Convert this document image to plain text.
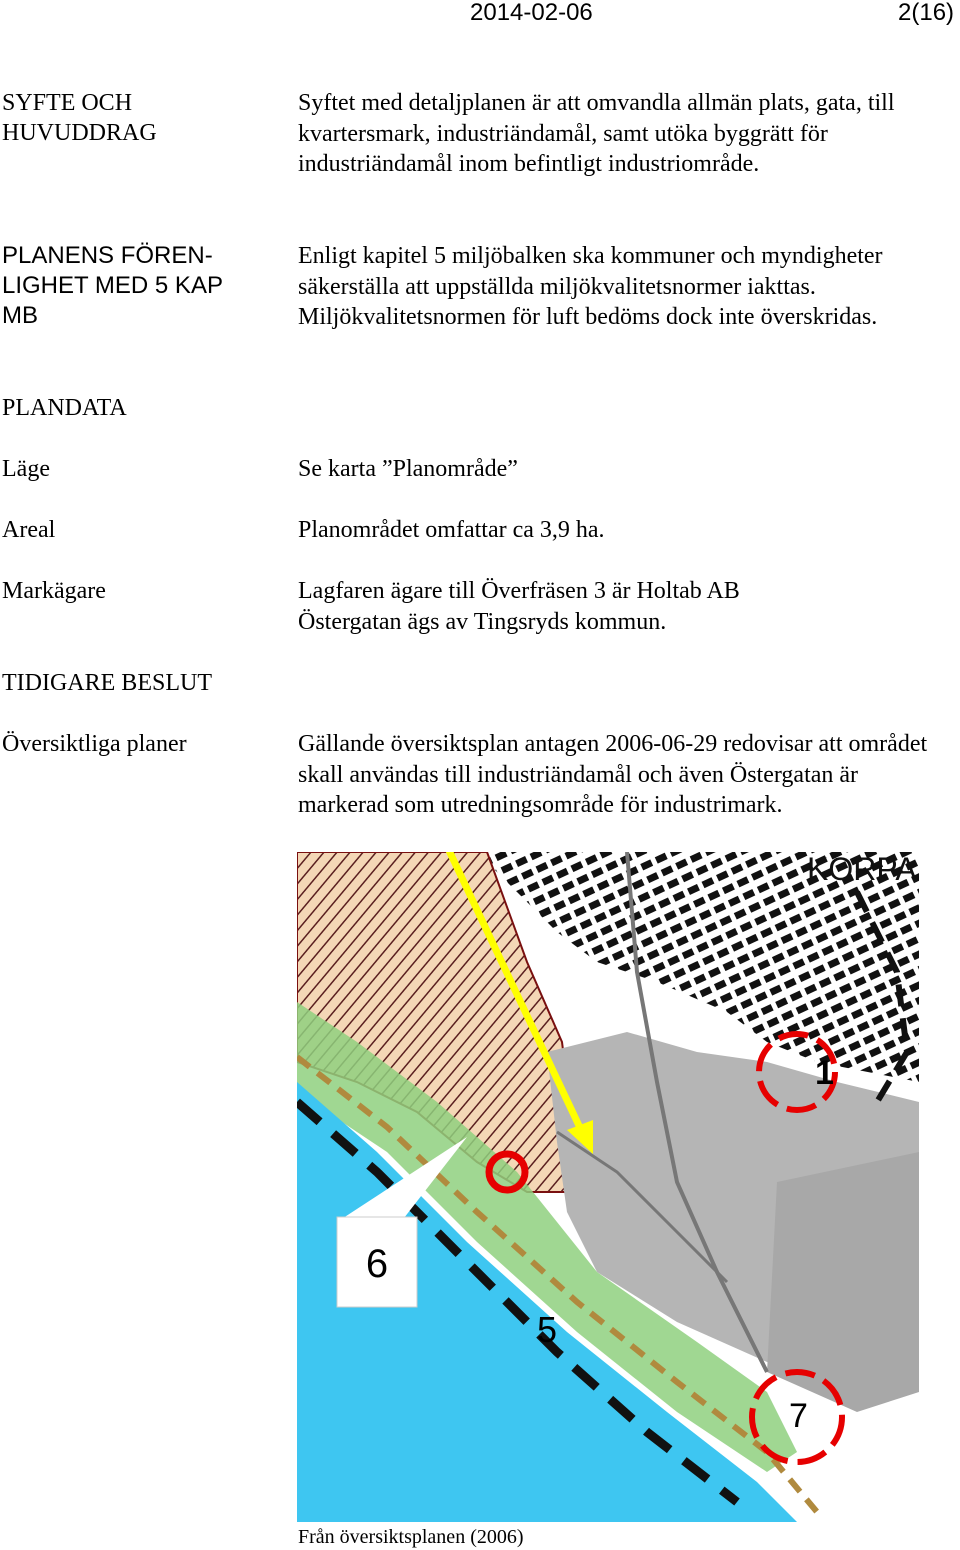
2014-02-06	2(16)
SYFTE OCH
HUVUDDRAG
Syftet med detaljplanen är att omvandla allmän plats, gata, till kvartersmark, industriändamål, samt utöka byggrätt för industriändamål inom befintligt industriområde.
PLANENS FÖREN-
LIGHET MED 5 KAP
MB
Enligt kapitel 5 miljöbalken ska kommuner och myndigheter säkerställa att uppställda miljökvalitetsnormer iakttas. Miljökvalitetsnormen för luft bedöms dock inte överskridas.
PLANDATA
Läge	Se karta ”Planområde”
Areal	Planområdet omfattar ca 3,9 ha.
Markägare	Lagfaren ägare till Överfräsen 3 är Holtab AB
Östergatan ägs av Tingsryds kommun.
TIDIGARE BESLUT
Översiktliga planer	Gällande översiktsplan antagen 2006-06-29 redovisar att området skall användas till industriändamål och även Östergatan är markerad som utredningsområde för industrimark.
6
5
1
7
KORPA
Från översiktsplanen (2006)
